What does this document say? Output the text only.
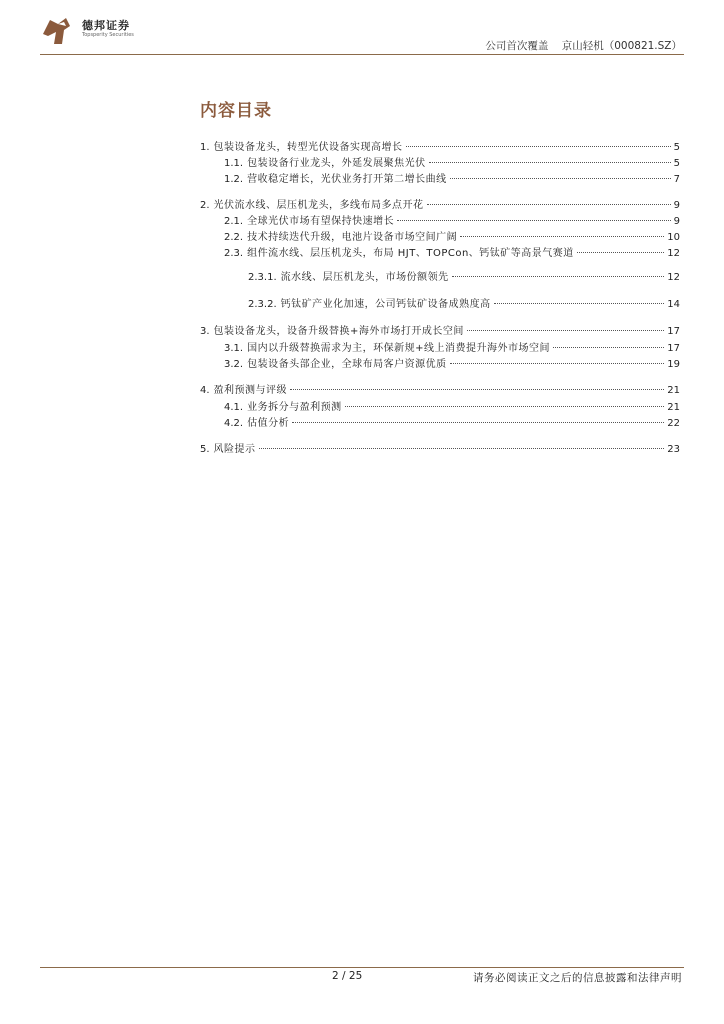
德邦证券
Topsperity Securities
公司首次覆盖 京山轻机（000821.SZ）
内容目录
1. 包装设备龙头，转型光伏设备实现高增长	5
1.1. 包装设备行业龙头，外延发展聚焦光伏	5
1.2. 营收稳定增长，光伏业务打开第二增长曲线	7
2. 光伏流水线、层压机龙头，多线布局多点开花	9
2.1. 全球光伏市场有望保持快速增长	9
2.2. 技术持续迭代升级，电池片设备市场空间广阔	10
2.3. 组件流水线、层压机龙头，布局 HJT、TOPCon、钙钛矿等高景气赛道	12
2.3.1. 流水线、层压机龙头，市场份额领先	12
2.3.2. 钙钛矿产业化加速，公司钙钛矿设备成熟度高	14
3. 包装设备龙头，设备升级替换+海外市场打开成长空间	17
3.1. 国内以升级替换需求为主，环保新规+线上消费提升海外市场空间	17
3.2. 包装设备头部企业，全球布局客户资源优质	19
4. 盈利预测与评级	21
4.1. 业务拆分与盈利预测	21
4.2. 估值分析	22
5. 风险提示	23
2 / 25	请务必阅读正文之后的信息披露和法律声明
